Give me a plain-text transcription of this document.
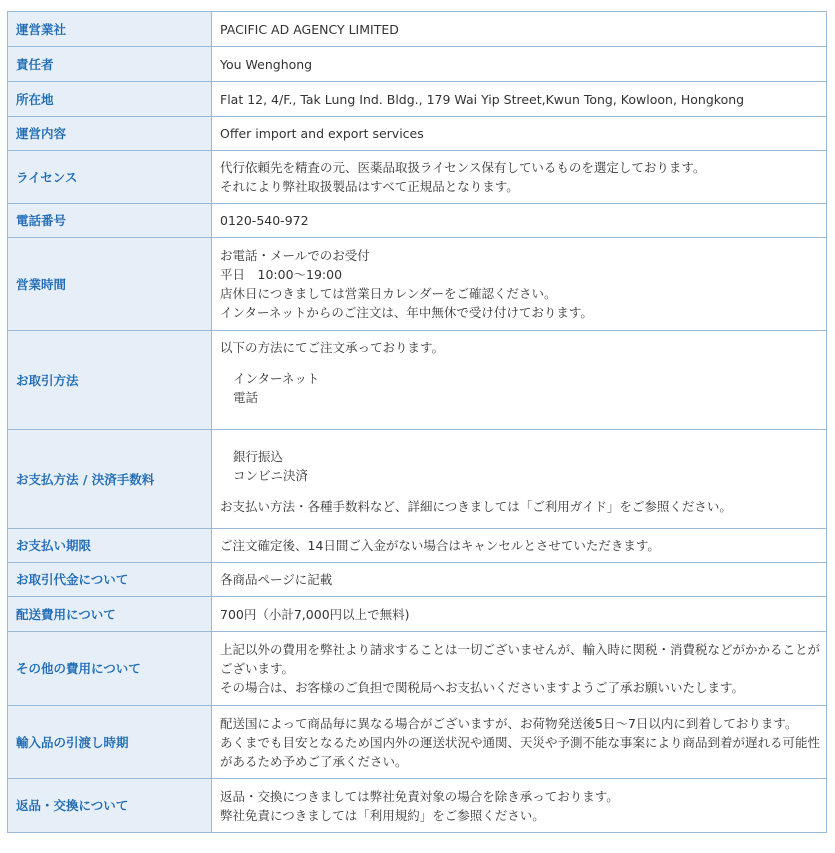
運営業社	PACIFIC AD AGENCY LIMITED
責任者	You Wenghong
所在地	Flat 12, 4/F., Tak Lung Ind. Bldg., 179 Wai Yip Street,Kwun Tong, Kowloon, Hongkong
運営内容	Offer import and export services
ライセンス	代行依頼先を精査の元、医薬品取扱ライセンス保有しているものを選定しております。
それにより弊社取扱製品はすべて正規品となります。

電話番号	0120-540-972
営業時間	お電話・メールでのお受付
平日　10:00～19:00
店休日につきましては営業日カレンダーをご確認ください。
インターネットからのご注文は、年中無休で受け付けております。

お取引方法	以下の方法にてご注文承っております。
インターネット
電話

お支払方法 / 決済手数料	銀行振込
コンビニ決済
お支払い方法・各種手数料など、詳細につきましては「ご利用ガイド」をご参照ください。

お支払い期限	ご注文確定後、14日間ご入金がない場合はキャンセルとさせていただきます。
お取引代金について	各商品ページに記載
配送費用について	700円（小計7,000円以上で無料)
その他の費用について	上記以外の費用を弊社より請求することは一切ございませんが、輸入時に関税・消費税などがかかることがございます。
その場合は、お客様のご負担で関税局へお支払いくださいますようご了承お願いいたします。

輸入品の引渡し時期	配送国によって商品毎に異なる場合がございますが、お荷物発送後5日～7日以内に到着しております。
あくまでも目安となるため国内外の運送状況や通関、天災や予測不能な事案により商品到着が遅れる可能性があるため予めご了承ください。

返品・交換について	返品・交換につきましては弊社免責対象の場合を除き承っております。
弊社免責につきましては「利用規約」をご参照ください。
